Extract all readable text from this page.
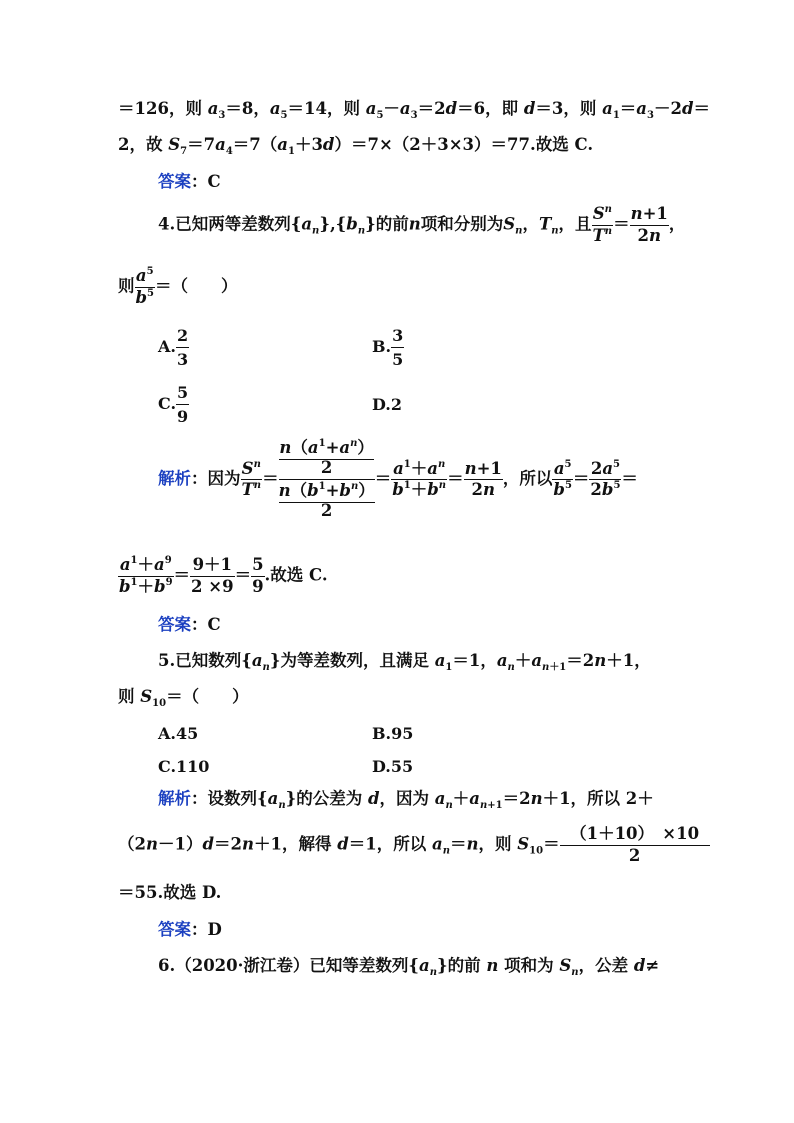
＝126，则 $a_3=8$，$a_5=14$，则 $a_5-a_3=2d=6$，即 d＝3，则 $a_1=a_3-2d=$
2，故 $S_7=7a_4=7(a_1+3d)=7\times(2+3\times 3)=77$.故选 C.
答案：C
4.已知两等差数列$\{a_n\},\{b_n\}$的前n项和分别为$S_n$，$T_n$，且 $\frac{S^n}{T^n} = \frac{n+1}{2n}$ ，
则 $\frac{a^5}{b^5}$ ＝（　　）
A. $\frac{2}{3}$	B. $\frac{3}{5}$
C. $\frac{5}{9}$	D.2
解析：因为 $\frac{S^n}{T^n} = \frac{\frac{n(a^1+a^n)}{2}}{\frac{n(b^1+b^n)}{2}} = \frac{a^1+a^n}{b^1+b^n} = \frac{n+1}{2n}$ ，所以 $\frac{a^5}{b^5} = \frac{2a^5}{2b^5}$ ＝
$\frac{a^1+a^9}{b^1+b^9} = \frac{9+1}{2 \times 9} = \frac{5}{9}$ .故选 C.
答案：C
5.已知数列$\{a_n\}$为等差数列，且满足 $a_1=1$，$a_n+a_{n+1}=2n+1$，
则 $S_{10}=$（　　）
A.45	B.95
C.110	D.55
解析：设数列$\{a_n\}$的公差为 d，因为 $a_n+a_{n+1}=2n+1$，所以 2＋
（2n－1）d＝2n＋1，解得 d＝1，所以 $a_n=n$，则 $S_{10}= \frac{(1+10) \times 10}{2}$
＝55.故选 D.
答案：D
6.（2020·浙江卷）已知等差数列$\{a_n\}$的前 n 项和为 $S_n$，公差 d≠
